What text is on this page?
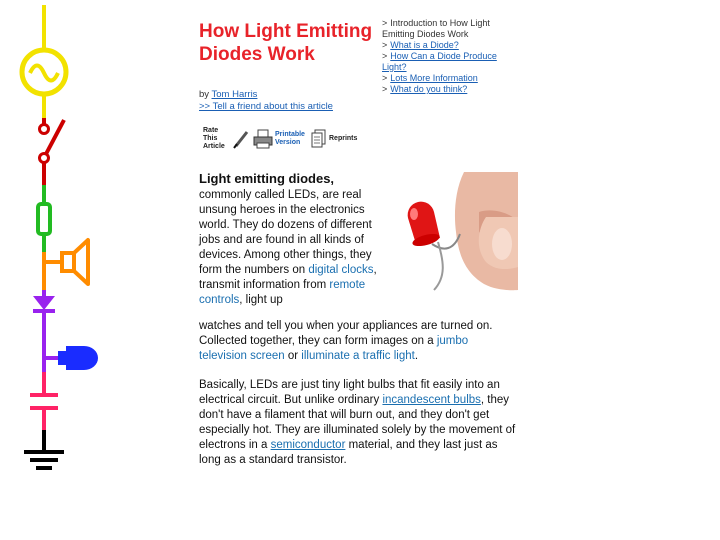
How Light Emitting Diodes Work
by Tom Harris
>> Tell a friend about this article
> Introduction to How Light Emitting Diodes Work
> What is a Diode?
> How Can a Diode Produce Light?
> Lots More Information
> What do you think?
Rate This Article
Printable Version
Reprints
Light emitting diodes, commonly called LEDs, are real unsung heroes in the electronics world. They do dozens of different jobs and are found in all kinds of devices. Among other things, they form the numbers on digital clocks, transmit information from remote controls, light up
watches and tell you when your appliances are turned on. Collected together, they can form images on a jumbo television screen or illuminate a traffic light.
Basically, LEDs are just tiny light bulbs that fit easily into an electrical circuit. But unlike ordinary incandescent bulbs, they don't have a filament that will burn out, and they don't get especially hot. They are illuminated solely by the movement of electrons in a semiconductor material, and they last just as long as a standard transistor.
